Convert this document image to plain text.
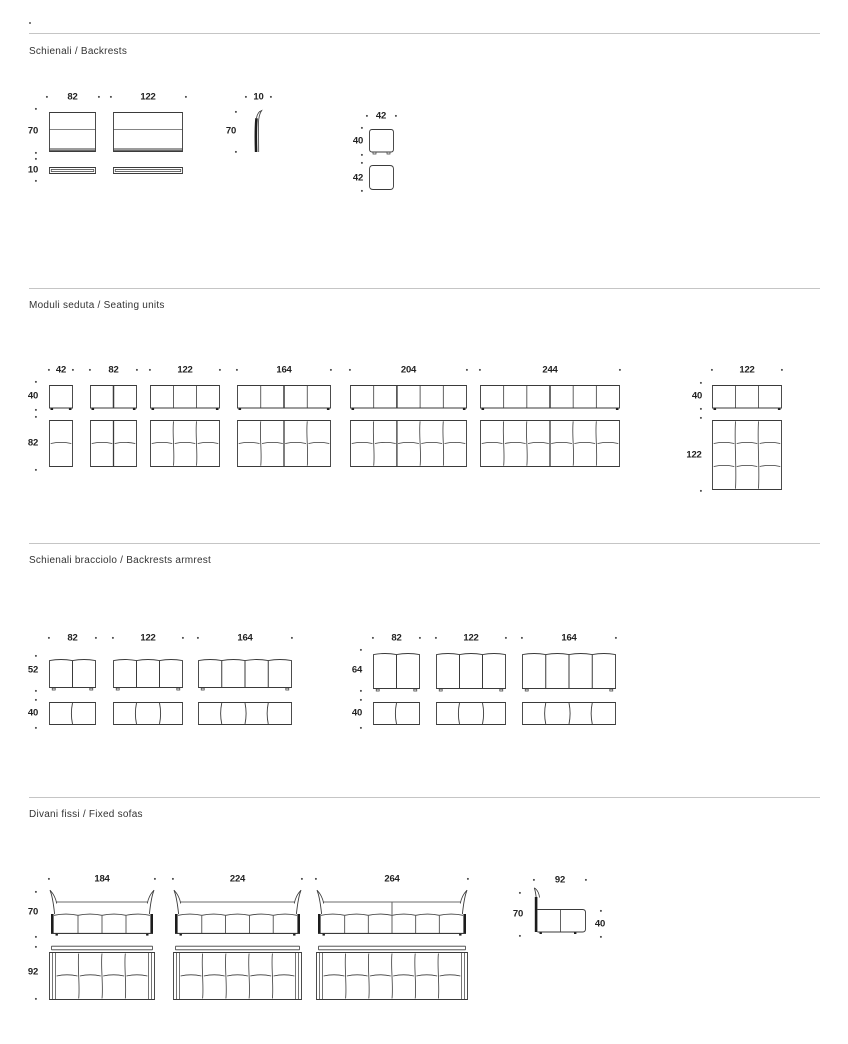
Schienali / Backrests
Moduli seduta / Seating units
Schienali bracciolo / Backrests armrest
Divani fissi / Fixed sofas
82
70
10
122	10
70
42
40
42
42
40
82
82	122	164	204	244	122
40
122
82
52
40
122	164	82
64
40
122	164
184
70
92
224	264	92
70
40
